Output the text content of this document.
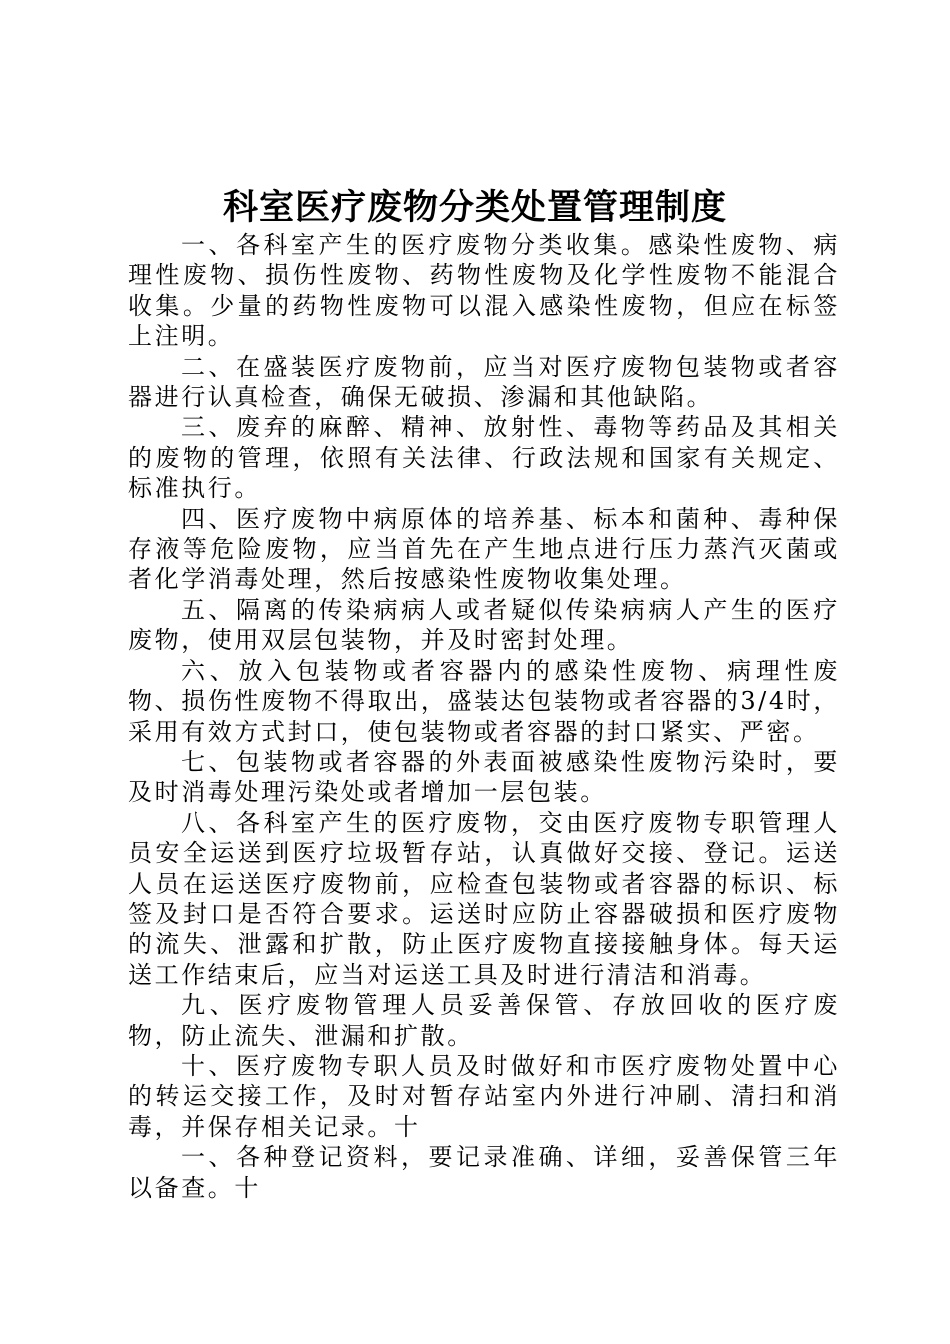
科室医疗废物分类处置管理制度

一、各科室产生的医疗废物分类收集。感染性废物、病理性废物、损伤性废物、药物性废物及化学性废物不能混合收集。少量的药物性废物可以混入感染性废物，但应在标签上注明。

二、在盛装医疗废物前，应当对医疗废物包装物或者容器进行认真检查，确保无破损、渗漏和其他缺陷。

三、废弃的麻醉、精神、放射性、毒物等药品及其相关的废物的管理，依照有关法律、行政法规和国家有关规定、标准执行。

四、医疗废物中病原体的培养基、标本和菌种、毒种保存液等危险废物，应当首先在产生地点进行压力蒸汽灭菌或者化学消毒处理，然后按感染性废物收集处理。

五、隔离的传染病病人或者疑似传染病病人产生的医疗废物，使用双层包装物，并及时密封处理。

六、放入包装物或者容器内的感染性废物、病理性废物、损伤性废物不得取出，盛装达包装物或者容器的3/4时，采用有效方式封口，使包装物或者容器的封口紧实、严密。

七、包装物或者容器的外表面被感染性废物污染时，要及时消毒处理污染处或者增加一层包装。

八、各科室产生的医疗废物，交由医疗废物专职管理人员安全运送到医疗垃圾暂存站，认真做好交接、登记。运送人员在运送医疗废物前，应检查包装物或者容器的标识、标签及封口是否符合要求。运送时应防止容器破损和医疗废物的流失、泄露和扩散，防止医疗废物直接接触身体。每天运送工作结束后，应当对运送工具及时进行清洁和消毒。

九、医疗废物管理人员妥善保管、存放回收的医疗废物，防止流失、泄漏和扩散。

十、医疗废物专职人员及时做好和市医疗废物处置中心的转运交接工作，及时对暂存站室内外进行冲刷、清扫和消毒，并保存相关记录。十

一、各种登记资料，要记录准确、详细，妥善保管三年以备查。十
